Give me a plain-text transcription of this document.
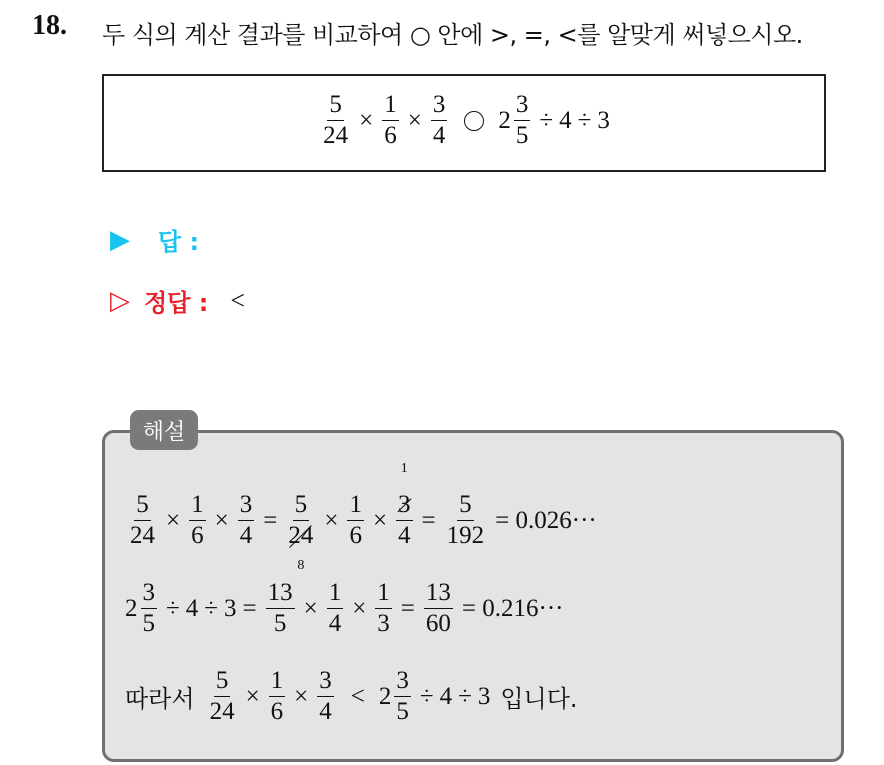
18. 두 식의 계산 결과를 비교하여 ○ 안에 >, =, <를 알맞게 써넣으시오.
$\frac{5}{24} \times \frac{1}{6} \times \frac{3}{4} 2 \frac{3}{5} \div 4 \div 3$
▶ 답 :
▷ 정답 : <
해설
$\frac{5}{24} \times \frac{1}{6} \times \frac{3}{4} = 5$
24
$8 \times \frac{1}{6} \times 3$
1
$4 = \frac{5}{192} = 0.026\cdot\cdot\cdot$
$2 \frac{3}{5} \div 4 \div 3 = \frac{13}{5} \times \frac{1}{4} \times \frac{1}{3} = \frac{13}{60} = 0.216\cdot\cdot\cdot$
따라서 $\frac{5}{24} \times \frac{1}{6} \times \frac{3}{4} < 2 \frac{3}{5} \div 4 \div 3$ 입니다.
